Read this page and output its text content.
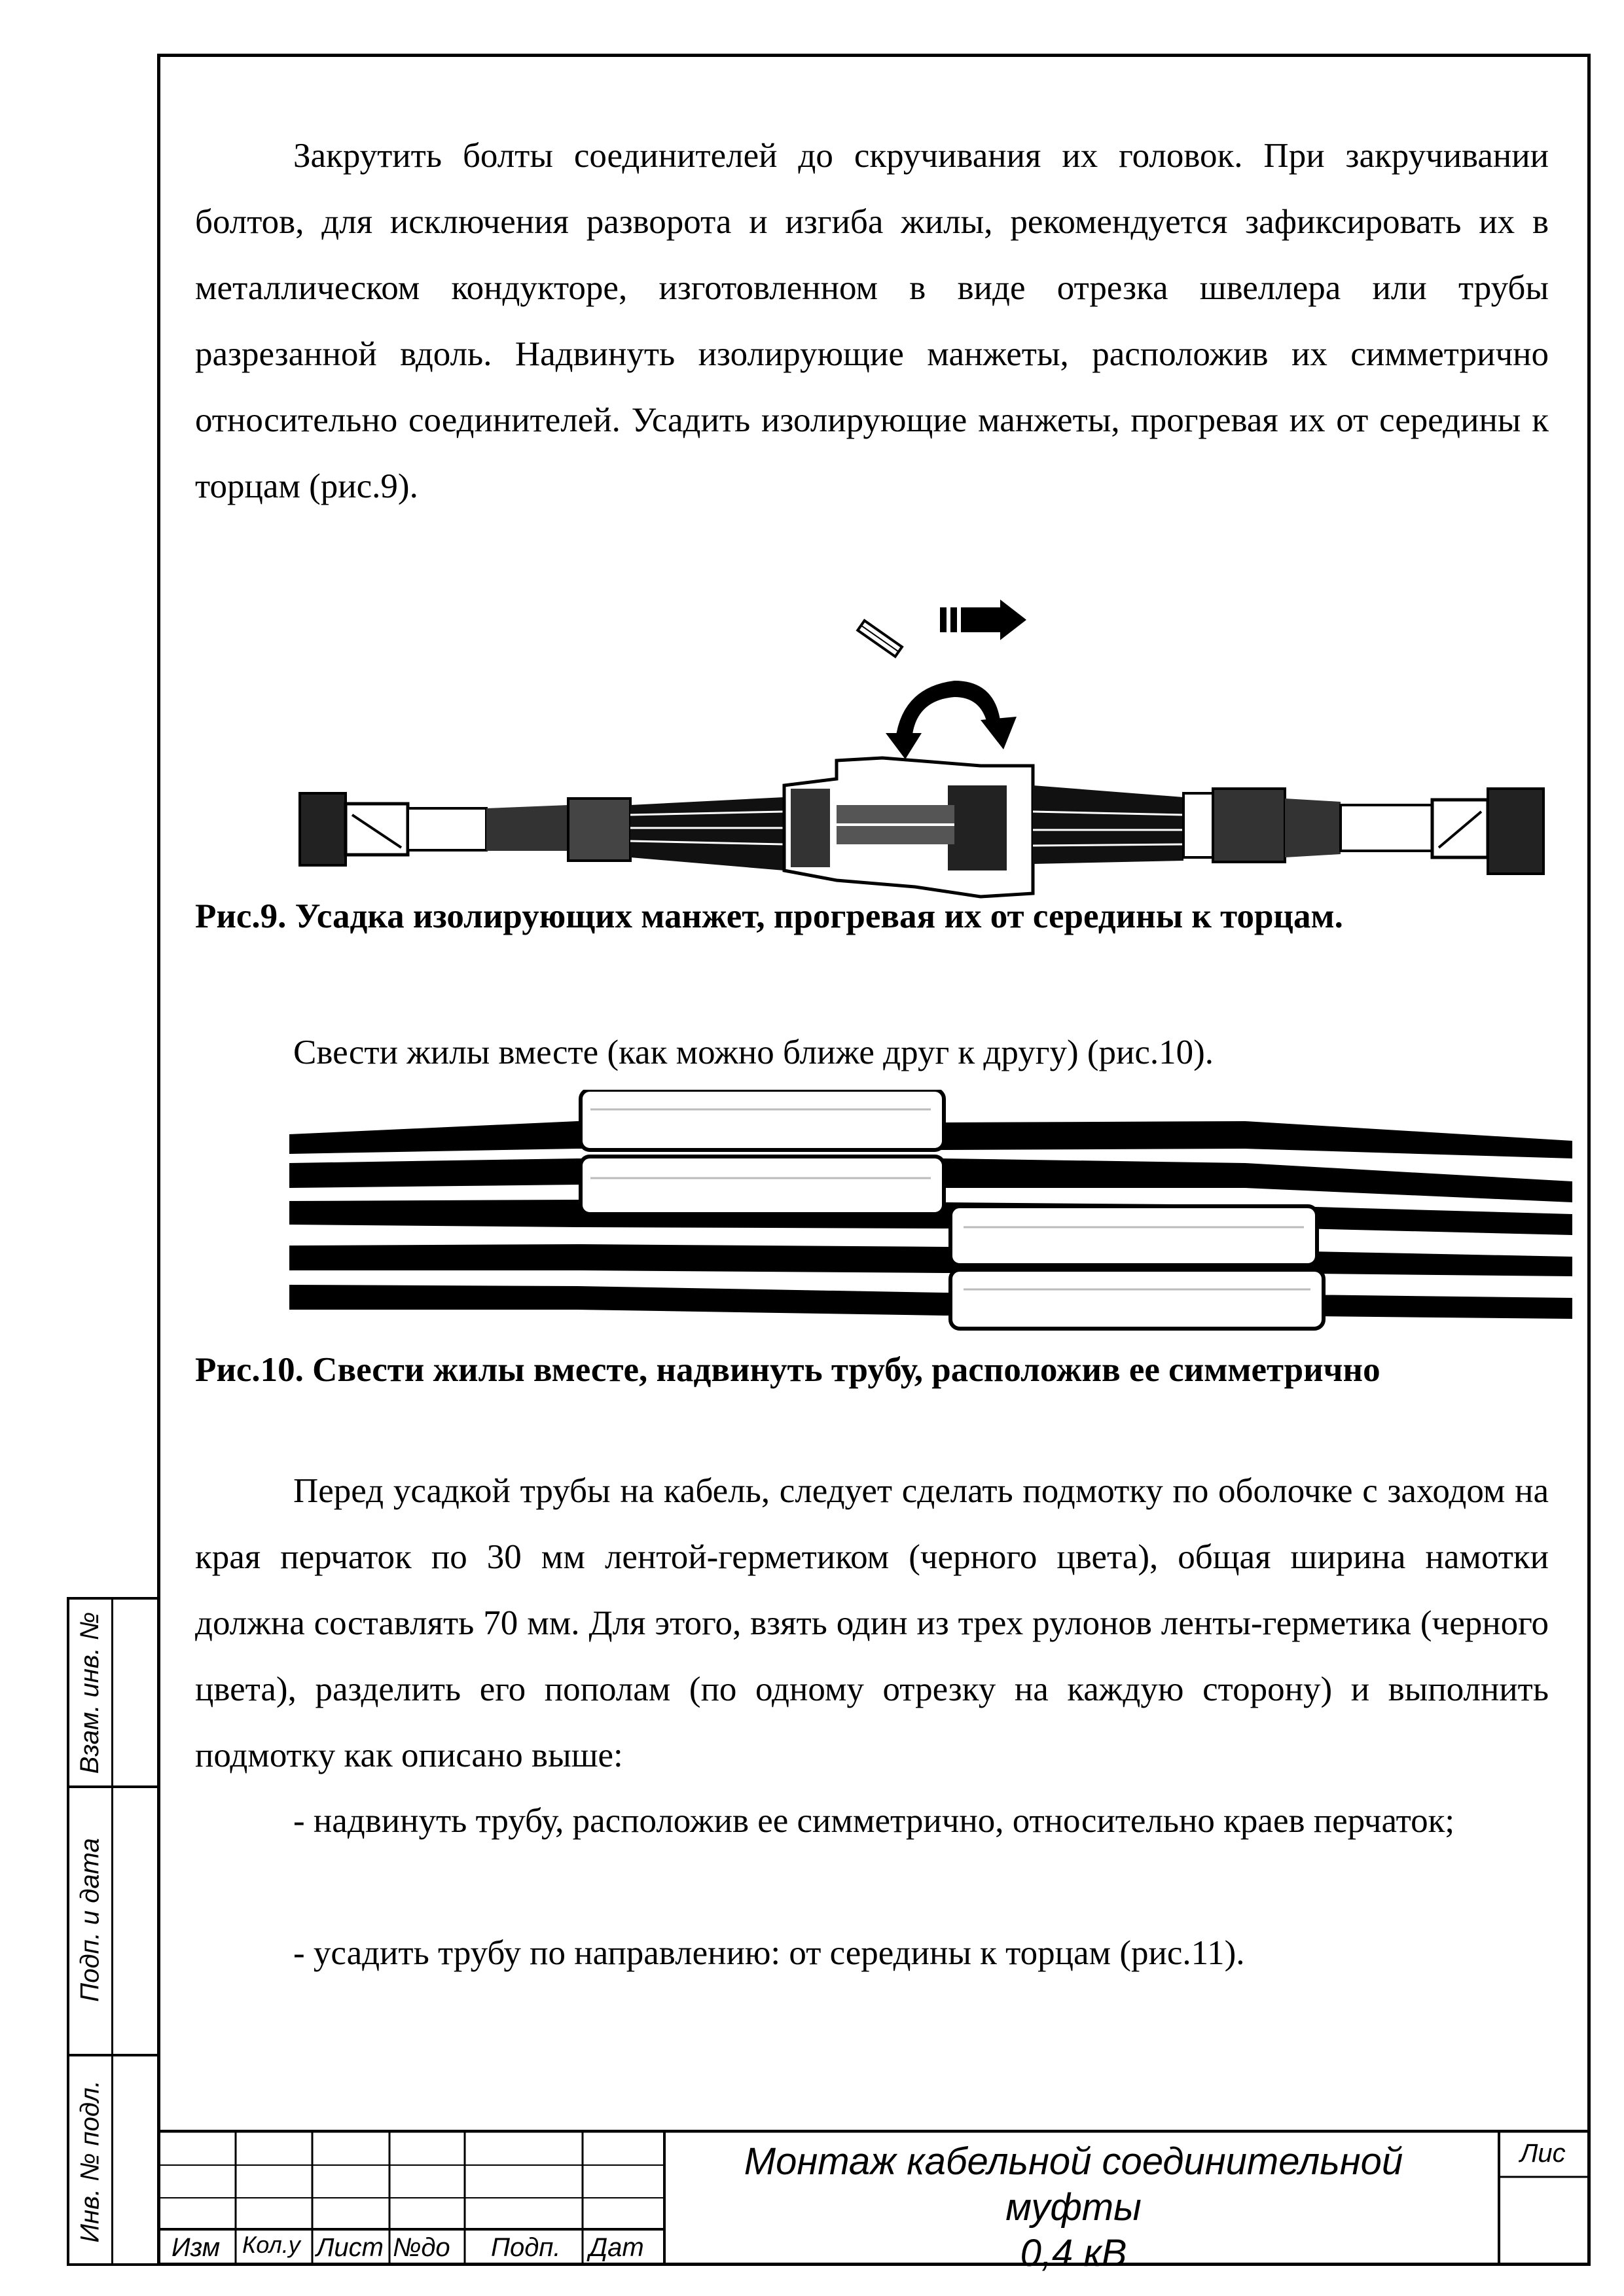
Взам. инв. №
Подп. и дата
Инв. № подл.

Закрутить болты соединителей до скручивания их головок. При закручивании болтов, для исключения разворота и изгиба жилы, рекомендуется зафиксировать их в металлическом кондукторе, изготовленном в виде отрезка швеллера или трубы разрезанной вдоль. Надвинуть изолирующие манжеты, расположив их симметрично относительно соединителей. Усадить изолирующие манжеты, прогревая их от середины к торцам (рис.9).

Рис.9. Усадка изолирующих манжет, прогревая их от середины к торцам.

Свести жилы вместе (как можно ближе друг к другу) (рис.10).

Рис.10. Свести жилы вместе, надвинуть трубу, расположив ее симметрично

Перед усадкой трубы на кабель, следует сделать подмотку по оболочке с заходом на края перчаток по 30 мм лентой-герметиком (черного цвета), общая ширина намотки должна составлять 70 мм. Для этого, взять один из трех рулонов ленты-герметика (черного цвета), разделить его пополам (по одному отрезку на каждую сторону) и выполнить подмотку как описано выше:

- надвинуть трубу, расположив ее симметрично, относительно краев перчаток;

- усадить трубу по направлению: от середины к торцам (рис.11).

Изм Кол.у Лист №до Подп. Дат
Монтаж кабельной соединительной муфты
0,4 кВ
Лис
